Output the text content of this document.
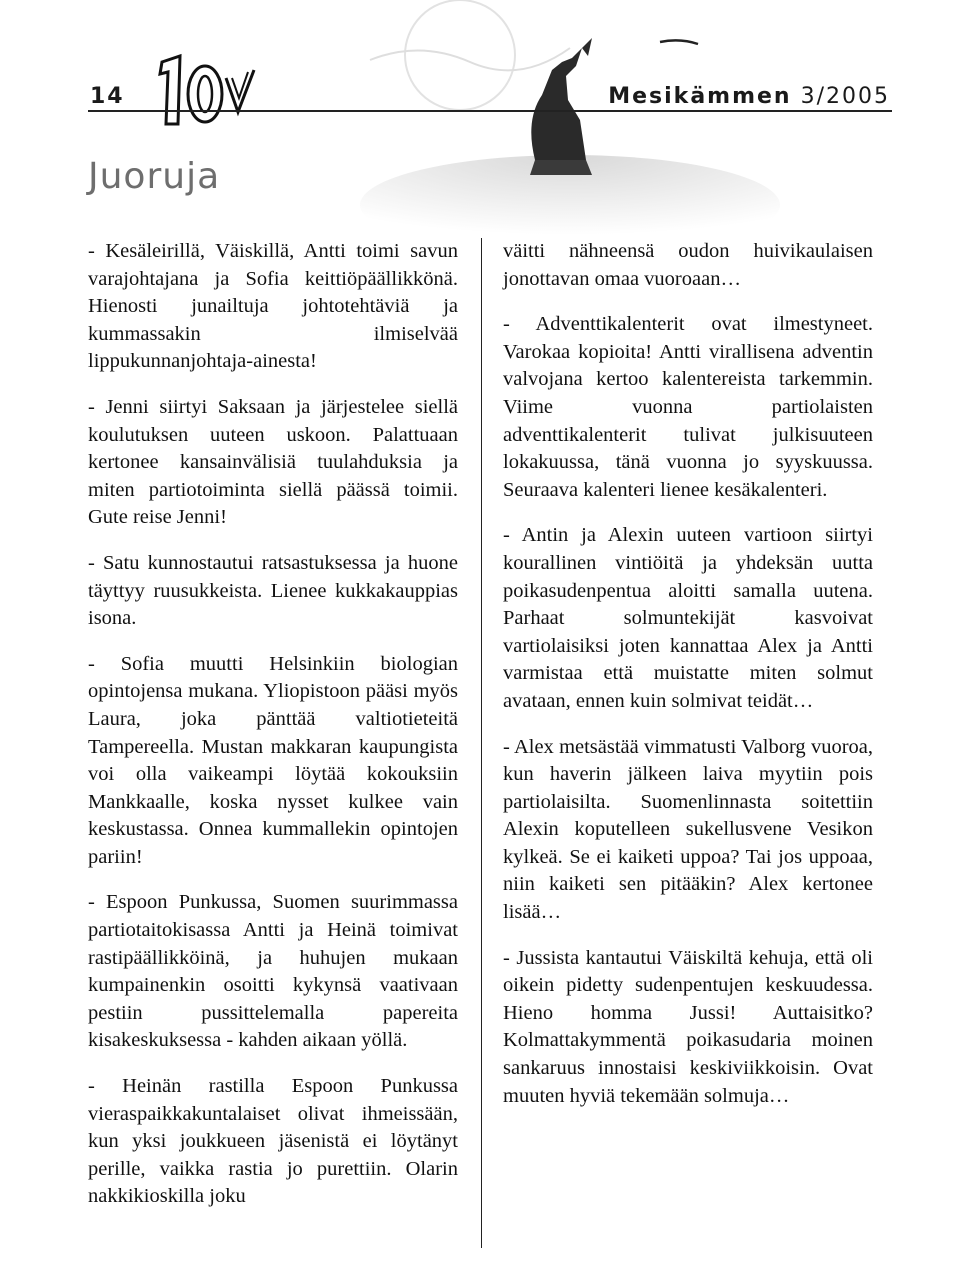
14	Mesikämmen 3/2005
Juoruja

- Kesäleirillä, Väiskillä, Antti toimi savun varajohtajana ja Sofia keittiöpäällikkönä. Hienosti junailtuja johtotehtäviä ja kummassakin ilmiselvää lippukunnanjohtaja-ainesta!

- Jenni siirtyi Saksaan ja järjestelee siellä koulutuksen uuteen uskoon. Palattuaan kertonee kansainvälisiä tuulahduksia ja miten partiotoiminta siellä päässä toimii. Gute reise Jenni!

- Satu kunnostautui ratsastuksessa ja huone täyttyy ruusukkeista. Lienee kukkakauppias isona.

- Sofia muutti Helsinkiin biologian opintojensa mukana. Yliopistoon pääsi myös Laura, joka pänttää valtiotieteitä Tampereella. Mustan makkaran kaupungista voi olla vaikeampi löytää kokouksiin Mankkaalle, koska nysset kulkee vain keskustassa. Onnea kummallekin opintojen pariin!

- Espoon Punkussa, Suomen suurimmassa partiotaitokisassa Antti ja Heinä toimivat rastipäällikköinä, ja huhujen mukaan kumpainenkin osoitti kykynsä vaativaan pestiin pussittelemalla papereita kisakeskuksessa - kahden aikaan yöllä.

- Heinän rastilla Espoon Punkussa vieraspaikkakuntalaiset olivat ihmeissään, kun yksi joukkueen jäsenistä ei löytänyt perille, vaikka rastia jo purettiin. Olarin nakkikioskilla joku

väitti nähneensä oudon huivikaulaisen jonottavan omaa vuoroaan…

- Adventtikalenterit ovat ilmestyneet. Varokaa kopioita! Antti virallisena adventin valvojana kertoo kalentereista tarkemmin. Viime vuonna partiolaisten adventtikalenterit tulivat julkisuuteen lokakuussa, tänä vuonna jo syyskuussa. Seuraava kalenteri lienee kesäkalenteri.

- Antin ja Alexin uuteen vartioon siirtyi kourallinen vintiöitä ja yhdeksän uutta poikasudenpentua aloitti samalla uutena. Parhaat solmuntekijät kasvoivat vartiolaisiksi joten kannattaa Alex ja Antti varmistaa että muistatte miten solmut avataan, ennen kuin solmivat teidät…

- Alex metsästää vimmatusti Valborg vuoroa, kun haverin jälkeen laiva myytiin pois partiolaisilta. Suomenlinnasta soitettiin Alexin koputelleen sukellusvene Vesikon kylkeä. Se ei kaiketi uppoa? Tai jos uppoaa, niin kaiketi sen pitääkin? Alex kertonee lisää…

- Jussista kantautui Väiskiltä kehuja, että oli oikein pidetty sudenpentujen keskuudessa. Hieno homma Jussi! Auttaisitko? Kolmattakymmentä poikasudaria moinen sankaruus innostaisi keskiviikkoisin. Ovat muuten hyviä tekemään solmuja…
